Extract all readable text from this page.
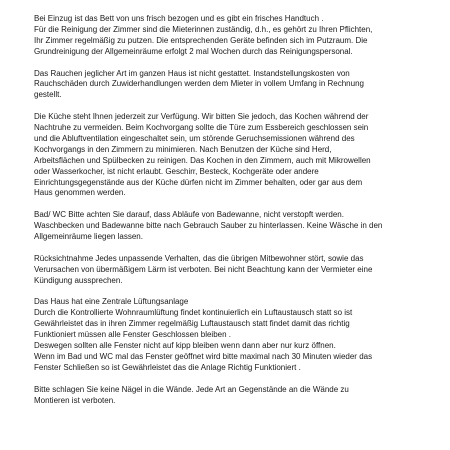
Bei Einzug ist das Bett von uns frisch bezogen und es gibt ein frisches Handtuch .
Für die Reinigung der Zimmer sind die Mieterinnen zuständig, d.h., es gehört zu Ihren Pflichten,
Ihr Zimmer regelmäßig zu putzen. Die entsprechenden Geräte befinden sich im Putzraum. Die
Grundreinigung der Allgemeinräume erfolgt 2 mal Wochen durch das Reinigungspersonal.
Das Rauchen jeglicher Art im ganzen Haus ist nicht gestattet. Instandstellungskosten von
Rauchschäden durch Zuwiderhandlungen werden dem Mieter in vollem Umfang in Rechnung
gestellt.
Die Küche steht Ihnen jederzeit zur Verfügung. Wir bitten Sie jedoch, das Kochen während der
Nachtruhe zu vermeiden. Beim Kochvorgang sollte die Türe zum Essbereich geschlossen sein
und die Abluftventilation eingeschaltet sein, um störende Geruchsemissionen während des
Kochvorgangs in den Zimmern zu minimieren. Nach Benutzen der Küche sind Herd,
Arbeitsflächen und Spülbecken zu reinigen. Das Kochen in den Zimmern, auch mit Mikrowellen
oder Wasserkocher, ist nicht erlaubt. Geschirr, Besteck, Kochgeräte oder andere
Einrichtungsgegenstände aus der Küche dürfen nicht im Zimmer behalten, oder gar aus dem
Haus genommen werden.
Bad/ WC Bitte achten Sie darauf, dass Abläufe von Badewanne, nicht verstopft werden.
Waschbecken und Badewanne bitte nach Gebrauch Sauber zu hinterlassen. Keine Wäsche in den
Allgemeinräume liegen lassen.
Rücksichtnahme Jedes unpassende Verhalten, das die übrigen Mitbewohner stört, sowie das
Verursachen von übermäßigem Lärm ist verboten. Bei nicht Beachtung kann der Vermieter eine
Kündigung aussprechen.
Das Haus hat eine Zentrale Lüftungsanlage
Durch die Kontrollierte Wohnraumlüftung findet kontinuierlich ein Luftaustausch statt so ist
Gewährleistet das in ihren Zimmer regelmäßig Luftaustausch statt findet damit das richtig
Funktioniert müssen alle Fenster Geschlossen bleiben .
Deswegen sollten alle Fenster nicht auf kipp bleiben wenn dann aber nur kurz öffnen.
Wenn im Bad und WC mal das Fenster geöffnet wird bitte maximal nach 30 Minuten wieder das
Fenster Schließen so ist Gewährleistet das die Anlage Richtig Funktioniert .
Bitte schlagen Sie keine Nägel in die Wände. Jede Art an Gegenstände an die Wände zu
Montieren ist verboten.
